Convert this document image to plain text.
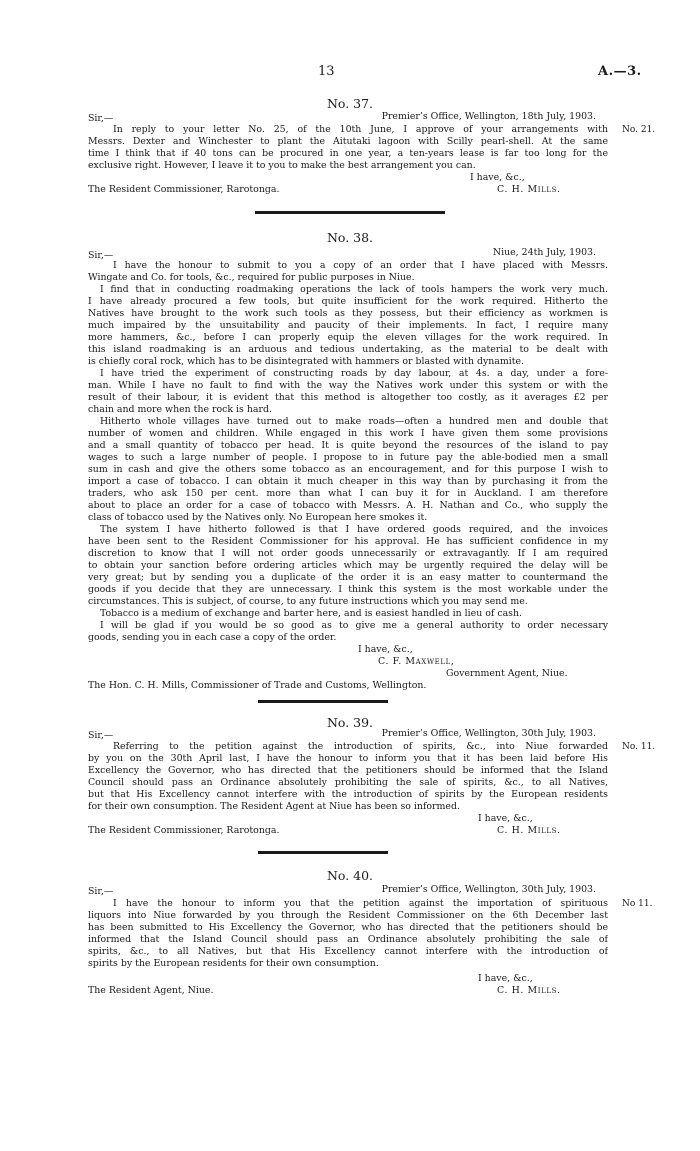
13	A.—3.
No. 37.
Sir,—	Premier’s Office, Wellington, 18th July, 1903.
No. 21.
In reply to your letter No. 25, of the 10th June, I approve of your arrangements with
Messrs. Dexter and Winchester to plant the Aitutaki lagoon with Scilly pearl-shell. At the same
time I think that if 40 tons can be procured in one year, a ten-years lease is far too long for the
exclusive right. However, I leave it to you to make the best arrangement you can.
I have, &c.,
The Resident Commissioner, Rarotonga.	C. H. Mills.
No. 38.
Sir,—	Niue, 24th July, 1903.
I have the honour to submit to you a copy of an order that I have placed with Messrs.
Wingate and Co. for tools, &c., required for public purposes in Niue.
I find that in conducting roadmaking operations the lack of tools hampers the work very much.
I have already procured a few tools, but quite insufficient for the work required. Hitherto the
Natives have brought to the work such tools as they possess, but their efficiency as workmen is
much impaired by the unsuitability and paucity of their implements. In fact, I require many
more hammers, &c., before I can properly equip the eleven villages for the work required. In
this island roadmaking is an arduous and tedious undertaking, as the material to be dealt with
is chiefly coral rock, which has to be disintegrated with hammers or blasted with dynamite.
I have tried the experiment of constructing roads by day labour, at 4s. a day, under a fore-
man. While I have no fault to find with the way the Natives work under this system or with the
result of their labour, it is evident that this method is altogether too costly, as it averages £2 per
chain and more when the rock is hard.
Hitherto whole villages have turned out to make roads—often a hundred men and double that
number of women and children. While engaged in this work I have given them some provisions
and a small quantity of tobacco per head. It is quite beyond the resources of the island to pay
wages to such a large number of people. I propose to in future pay the able-bodied men a small
sum in cash and give the others some tobacco as an encouragement, and for this purpose I wish to
import a case of tobacco. I can obtain it much cheaper in this way than by purchasing it from the
traders, who ask 150 per cent. more than what I can buy it for in Auckland. I am therefore
about to place an order for a case of tobacco with Messrs. A. H. Nathan and Co., who supply the
class of tobacco used by the Natives only. No European here smokes it.
The system I have hitherto followed is that I have ordered goods required, and the invoices
have been sent to the Resident Commissioner for his approval. He has sufficient confidence in my
discretion to know that I will not order goods unnecessarily or extravagantly. If I am required
to obtain your sanction before ordering articles which may be urgently required the delay will be
very great; but by sending you a duplicate of the order it is an easy matter to countermand the
goods if you decide that they are unnecessary. I think this system is the most workable under the
circumstances. This is subject, of course, to any future instructions which you may send me.
Tobacco is a medium of exchange and barter here, and is easiest handled in lieu of cash.
I will be glad if you would be so good as to give me a general authority to order necessary
goods, sending you in each case a copy of the order.
I have, &c.,
C. F. Maxwell,
Government Agent, Niue.
The Hon. C. H. Mills, Commissioner of Trade and Customs, Wellington.
No. 39.
Sir,—	Premier’s Office, Wellington, 30th July, 1903.
No. 11.
Referring to the petition against the introduction of spirits, &c., into Niue forwarded
by you on the 30th April last, I have the honour to inform you that it has been laid before His
Excellency the Governor, who has directed that the petitioners should be informed that the Island
Council should pass an Ordinance absolutely prohibiting the sale of spirits, &c., to all Natives,
but that His Excellency cannot interfere with the introduction of spirits by the European residents
for their own consumption. The Resident Agent at Niue has been so informed.
I have, &c.,
The Resident Commissioner, Rarotonga.	C. H. Mills.
No. 40.
Sir,—	Premier’s Office, Wellington, 30th July, 1903.
No 11.
I have the honour to inform you that the petition against the importation of spirituous
liquors into Niue forwarded by you through the Resident Commissioner on the 6th December last
has been submitted to His Excellency the Governor, who has directed that the petitioners should be
informed that the Island Council should pass an Ordinance absolutely prohibiting the sale of
spirits, &c., to all Natives, but that His Excellency cannot interfere with the introduction of
spirits by the European residents for their own consumption.
I have, &c.,
The Resident Agent, Niue.	C. H. Mills.
